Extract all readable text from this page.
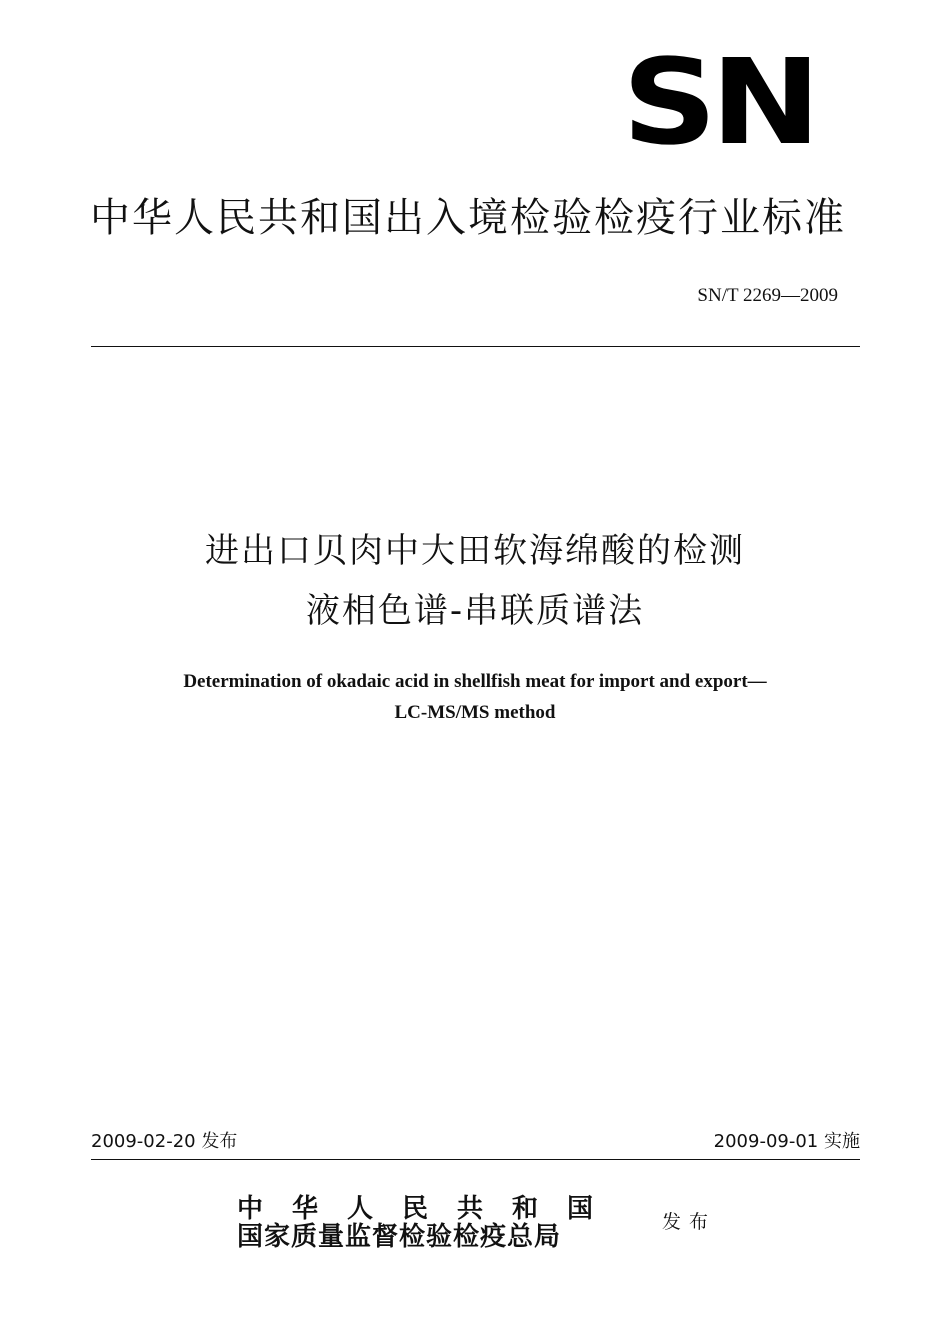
SN
中华人民共和国出入境检验检疫行业标准
SN/T 2269—2009
进出口贝肉中大田软海绵酸的检测
液相色谱-串联质谱法
Determination of okadaic acid in shellfish meat for import and export—
LC-MS/MS method
2009-02-20 发布	2009-09-01 实施
中华人民共和国
国家质量监督检验检疫总局	发布
